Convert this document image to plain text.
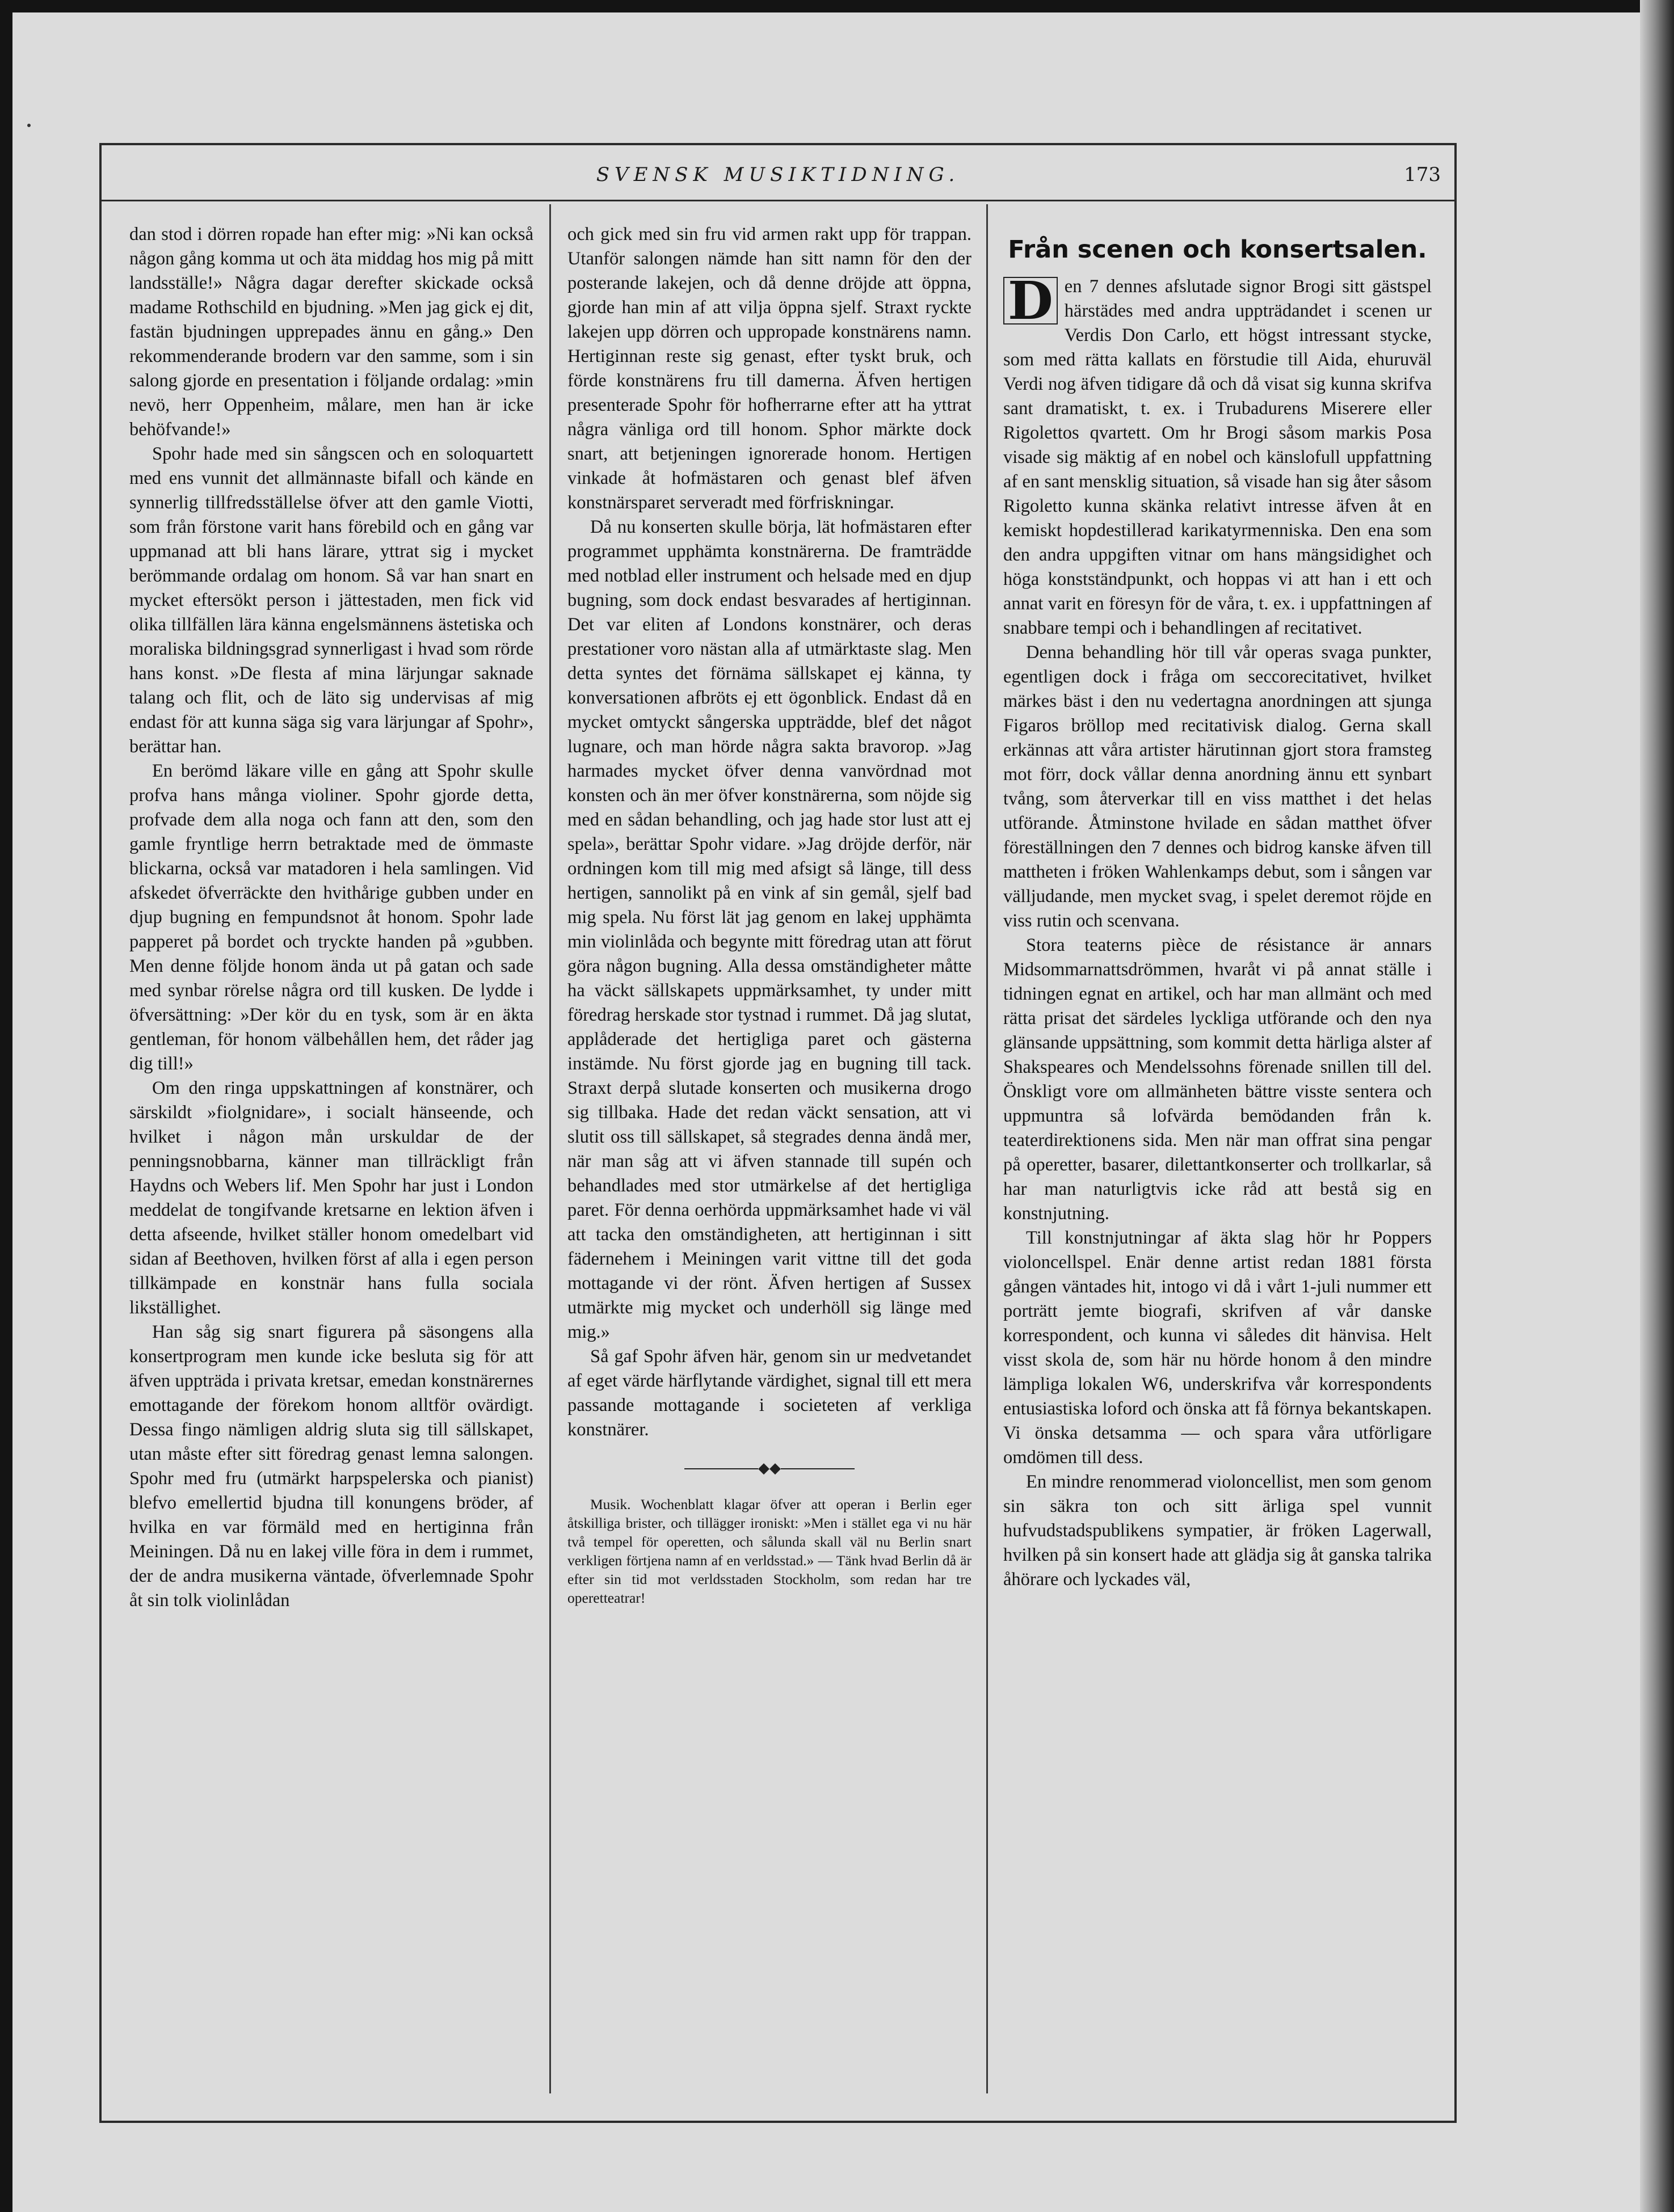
SVENSK MUSIKTIDNING.	173

dan stod i dörren ropade han efter mig: »Ni kan också någon gång komma ut och äta middag hos mig på mitt landsställe!» Några dagar derefter skickade också madame Rothschild en bjudning. »Men jag gick ej dit, fastän bjudningen upprepades ännu en gång.» Den rekommenderande brodern var den samme, som i sin salong gjorde en presentation i följande ordalag: »min nevö, herr Oppenheim, målare, men han är icke behöfvande!»

Spohr hade med sin sångscen och en soloquartett med ens vunnit det allmännaste bifall och kände en synnerlig tillfredsställelse öfver att den gamle Viotti, som från förstone varit hans förebild och en gång var uppmanad att bli hans lärare, yttrat sig i mycket berömmande ordalag om honom. Så var han snart en mycket eftersökt person i jättestaden, men fick vid olika tillfällen lära känna engelsmännens ästetiska och moraliska bildningsgrad synnerligast i hvad som rörde hans konst. »De flesta af mina lärjungar saknade talang och flit, och de läto sig undervisas af mig endast för att kunna säga sig vara lärjungar af Spohr», berättar han.

En berömd läkare ville en gång att Spohr skulle profva hans många violiner. Spohr gjorde detta, profvade dem alla noga och fann att den, som den gamle fryntlige herrn betraktade med de ömmaste blickarna, också var matadoren i hela samlingen. Vid afskedet öfverräckte den hvithårige gubben under en djup bugning en fempundsnot åt honom. Spohr lade papperet på bordet och tryckte handen på »gubben. Men denne följde honom ända ut på gatan och sade med synbar rörelse några ord till kusken. De lydde i öfversättning: »Der kör du en tysk, som är en äkta gentleman, för honom välbehållen hem, det råder jag dig till!»

Om den ringa uppskattningen af konstnärer, och särskildt »fiolgnidare», i socialt hänseende, och hvilket i någon mån urskuldar de der penningsnobbarna, känner man tillräckligt från Haydns och Webers lif. Men Spohr har just i London meddelat de tongifvande kretsarne en lektion äfven i detta afseende, hvilket ställer honom omedelbart vid sidan af Beethoven, hvilken först af alla i egen person tillkämpade en konstnär hans fulla sociala likställighet.

Han såg sig snart figurera på säsongens alla konsertprogram men kunde icke besluta sig för att äfven uppträda i privata kretsar, emedan konstnärernes emottagande der förekom honom alltför ovärdigt. Dessa fingo nämligen aldrig sluta sig till sällskapet, utan måste efter sitt föredrag genast lemna salongen. Spohr med fru (utmärkt harpspelerska och pianist) blefvo emellertid bjudna till konungens bröder, af hvilka en var förmäld med en hertiginna från Meiningen. Då nu en lakej ville föra in dem i rummet, der de andra musikerna väntade, öfverlemnade Spohr åt sin tolk violinlådan

och gick med sin fru vid armen rakt upp för trappan. Utanför salongen nämde han sitt namn för den der posterande lakejen, och då denne dröjde att öppna, gjorde han min af att vilja öppna sjelf. Straxt ryckte lakejen upp dörren och uppropade konstnärens namn. Hertiginnan reste sig genast, efter tyskt bruk, och förde konstnärens fru till damerna. Äfven hertigen presenterade Spohr för hofherrarne efter att ha yttrat några vänliga ord till honom. Sphor märkte dock snart, att betjeningen ignorerade honom. Hertigen vinkade åt hofmästaren och genast blef äfven konstnärsparet serveradt med förfriskningar.

Då nu konserten skulle börja, lät hofmästaren efter programmet upphämta konstnärerna. De framträdde med notblad eller instrument och helsade med en djup bugning, som dock endast besvarades af hertiginnan. Det var eliten af Londons konstnärer, och deras prestationer voro nästan alla af utmärktaste slag. Men detta syntes det förnäma sällskapet ej känna, ty konversationen afbröts ej ett ögonblick. Endast då en mycket omtyckt sångerska uppträdde, blef det något lugnare, och man hörde några sakta bravorop. »Jag harmades mycket öfver denna vanvördnad mot konsten och än mer öfver konstnärerna, som nöjde sig med en sådan behandling, och jag hade stor lust att ej spela», berättar Spohr vidare. »Jag dröjde derför, när ordningen kom till mig med afsigt så länge, till dess hertigen, sannolikt på en vink af sin gemål, sjelf bad mig spela. Nu först lät jag genom en lakej upphämta min violinlåda och begynte mitt föredrag utan att förut göra någon bugning. Alla dessa omständigheter måtte ha väckt sällskapets uppmärksamhet, ty under mitt föredrag herskade stor tystnad i rummet. Då jag slutat, applåderade det hertigliga paret och gästerna instämde. Nu först gjorde jag en bugning till tack. Straxt derpå slutade konserten och musikerna drogo sig tillbaka. Hade det redan väckt sensation, att vi slutit oss till sällskapet, så stegrades denna ändå mer, när man såg att vi äfven stannade till supén och behandlades med stor utmärkelse af det hertigliga paret. För denna oerhörda uppmärksamhet hade vi väl att tacka den omständigheten, att hertiginnan i sitt fädernehem i Meiningen varit vittne till det goda mottagande vi der rönt. Äfven hertigen af Sussex utmärkte mig mycket och underhöll sig länge med mig.»

Så gaf Spohr äfven här, genom sin ur medvetandet af eget värde härflytande värdighet, signal till ett mera passande mottagande i societeten af verkliga konstnärer.

◆◆

Musik. Wochenblatt klagar öfver att operan i Berlin eger åtskilliga brister, och tillägger ironiskt: »Men i stället ega vi nu här två tempel för operetten, och sålunda skall väl nu Berlin snart verkligen förtjena namn af en verldsstad.» — Tänk hvad Berlin då är efter sin tid mot verldsstaden Stockholm, som redan har tre operetteatrar!

Från scenen och konsertsalen.

D en 7 dennes afslutade signor Brogi sitt gästspel härstädes med andra uppträdandet i scenen ur Verdis Don Carlo, ett högst intressant stycke, som med rätta kallats en förstudie till Aida, ehuruväl Verdi nog äfven tidigare då och då visat sig kunna skrifva sant dramatiskt, t. ex. i Trubadurens Miserere eller Rigolettos qvartett. Om hr Brogi såsom markis Posa visade sig mäktig af en nobel och känslofull uppfattning af en sant mensklig situation, så visade han sig åter såsom Rigoletto kunna skänka relativt intresse äfven åt en kemiskt hopdestillerad karikatyrmenniska. Den ena som den andra uppgiften vitnar om hans mängsidighet och höga konstständpunkt, och hoppas vi att han i ett och annat varit en föresyn för de våra, t. ex. i uppfattningen af snabbare tempi och i behandlingen af recitativet.

Denna behandling hör till vår operas svaga punkter, egentligen dock i fråga om seccorecitativet, hvilket märkes bäst i den nu vedertagna anordningen att sjunga Figaros bröllop med recitativisk dialog. Gerna skall erkännas att våra artister härutinnan gjort stora framsteg mot förr, dock vållar denna anordning ännu ett synbart tvång, som återverkar till en viss matthet i det helas utförande. Åtminstone hvilade en sådan matthet öfver föreställningen den 7 dennes och bidrog kanske äfven till mattheten i fröken Wahlenkamps debut, som i sången var välljudande, men mycket svag, i spelet deremot röjde en viss rutin och scenvana.

Stora teaterns pièce de résistance är annars Midsommarnattsdrömmen, hvaråt vi på annat ställe i tidningen egnat en artikel, och har man allmänt och med rätta prisat det särdeles lyckliga utförande och den nya glänsande uppsättning, som kommit detta härliga alster af Shakspeares och Mendelssohns förenade snillen till del. Önskligt vore om allmänheten bättre visste sentera och uppmuntra så lofvärda bemödanden från k. teaterdirektionens sida. Men när man offrat sina pengar på operetter, basarer, dilettantkonserter och trollkarlar, så har man naturligtvis icke råd att bestå sig en konstnjutning.

Till konstnjutningar af äkta slag hör hr Poppers violoncellspel. Enär denne artist redan 1881 första gången väntades hit, intogo vi då i vårt 1-juli nummer ett porträtt jemte biografi, skrifven af vår danske korrespondent, och kunna vi således dit hänvisa. Helt visst skola de, som här nu hörde honom å den mindre lämpliga lokalen W6, underskrifva vår korrespondents entusiastiska loford och önska att få förnya bekantskapen. Vi önska detsamma — och spara våra utförligare omdömen till dess.

En mindre renommerad violoncellist, men som genom sin säkra ton och sitt ärliga spel vunnit hufvudstadspublikens sympatier, är fröken Lagerwall, hvilken på sin konsert hade att glädja sig åt ganska talrika åhörare och lyckades väl,
